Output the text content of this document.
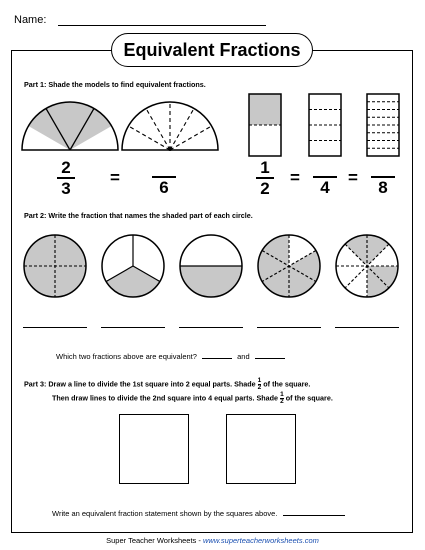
Name:
Equivalent Fractions
Part 1: Shade the models to find equivalent fractions.
2
3
=	6
1
2
=	4	=	8
Part 2: Write the fraction that names the shaded part of each circle.
Which two fractions above are equivalent?	and
Part 3: Draw a line to divide the 1st square into 2 equal parts. Shade $\frac{1}{2}$ of the square.
Then draw lines to divide the 2nd square into 4 equal parts. Shade $\frac{1}{2}$ of the square.
Write an equivalent fraction statement shown by the squares above.
Super Teacher Worksheets - www.superteacherworksheets.com
